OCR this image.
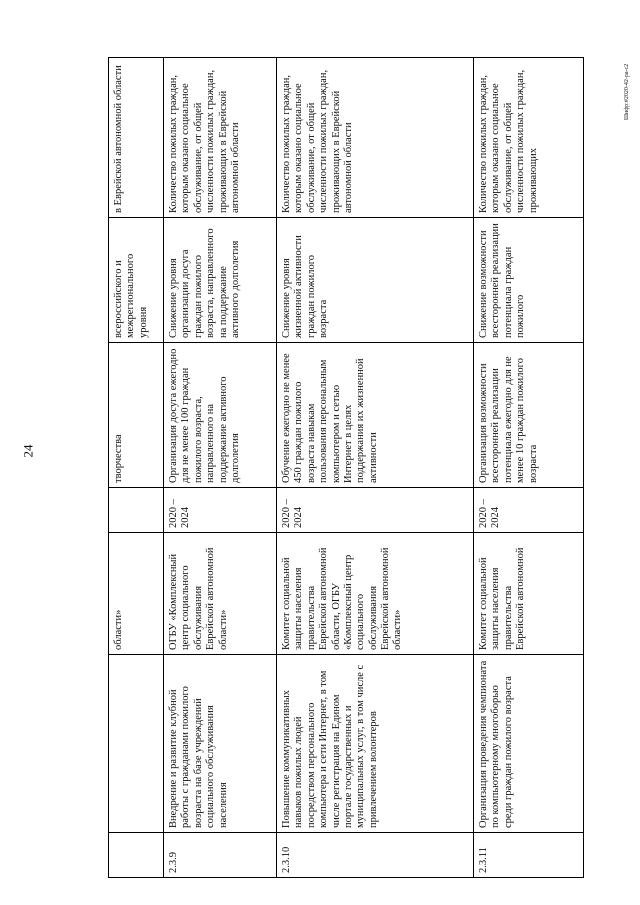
24
Шифр:#2020-42-ра-с2
		области»		творчества	всероссийского и межрегионального уровня	в Еврейской автономной области
2.3.9	Внедрение и развитие клубной работы с гражданами пожилого возраста на базе учреждений социального обслуживания населения	ОГБУ «Комплексный центр социального обслуживания Еврейской автономной области»	2020 – 2024	Организация досуга ежегодно для не менее 100 граждан пожилого возраста, направленного на поддержание активного долголетия	Снижение уровня организации досуга граждан пожилого возраста, направленного на поддержание активного долголетия	Количество пожилых граждан, которым оказано социальное обслуживание, от общей численности пожилых граждан, проживающих в Еврейской автономной области
2.3.10	Повышение коммуникативных навыков пожилых людей посредством персонального компьютера и сети Интернет, в том числе регистрация на Едином портале государственных и муниципальных услуг, в том числе с привлечением волонтеров	Комитет социальной защиты населения правительства Еврейской автономной области, ОГБУ «Комплексный центр социального обслуживания Еврейской автономной области»	2020 – 2024	Обучение ежегодно не менее 450 граждан пожилого возраста навыкам пользования персональным компьютером и сетью Интернет в целях поддержания их жизненной активности	Снижение уровня жизненной активности граждан пожилого возраста	Количество пожилых граждан, которым оказано социальное обслуживание, от общей численности пожилых граждан, проживающих в Еврейской автономной области
2.3.11	Организация проведения чемпионата по компьютерному многоборью среди граждан пожилого возраста	Комитет социальной защиты населения правительства Еврейской автономной	2020 – 2024	Организация возможности всесторонней реализации потенциала ежегодно для не менее 10 граждан пожилого возраста	Снижение возможности всесторонней реализации потенциала граждан пожилого	Количество пожилых граждан, которым оказано социальное обслуживание, от общей численности пожилых граждан, проживающих
